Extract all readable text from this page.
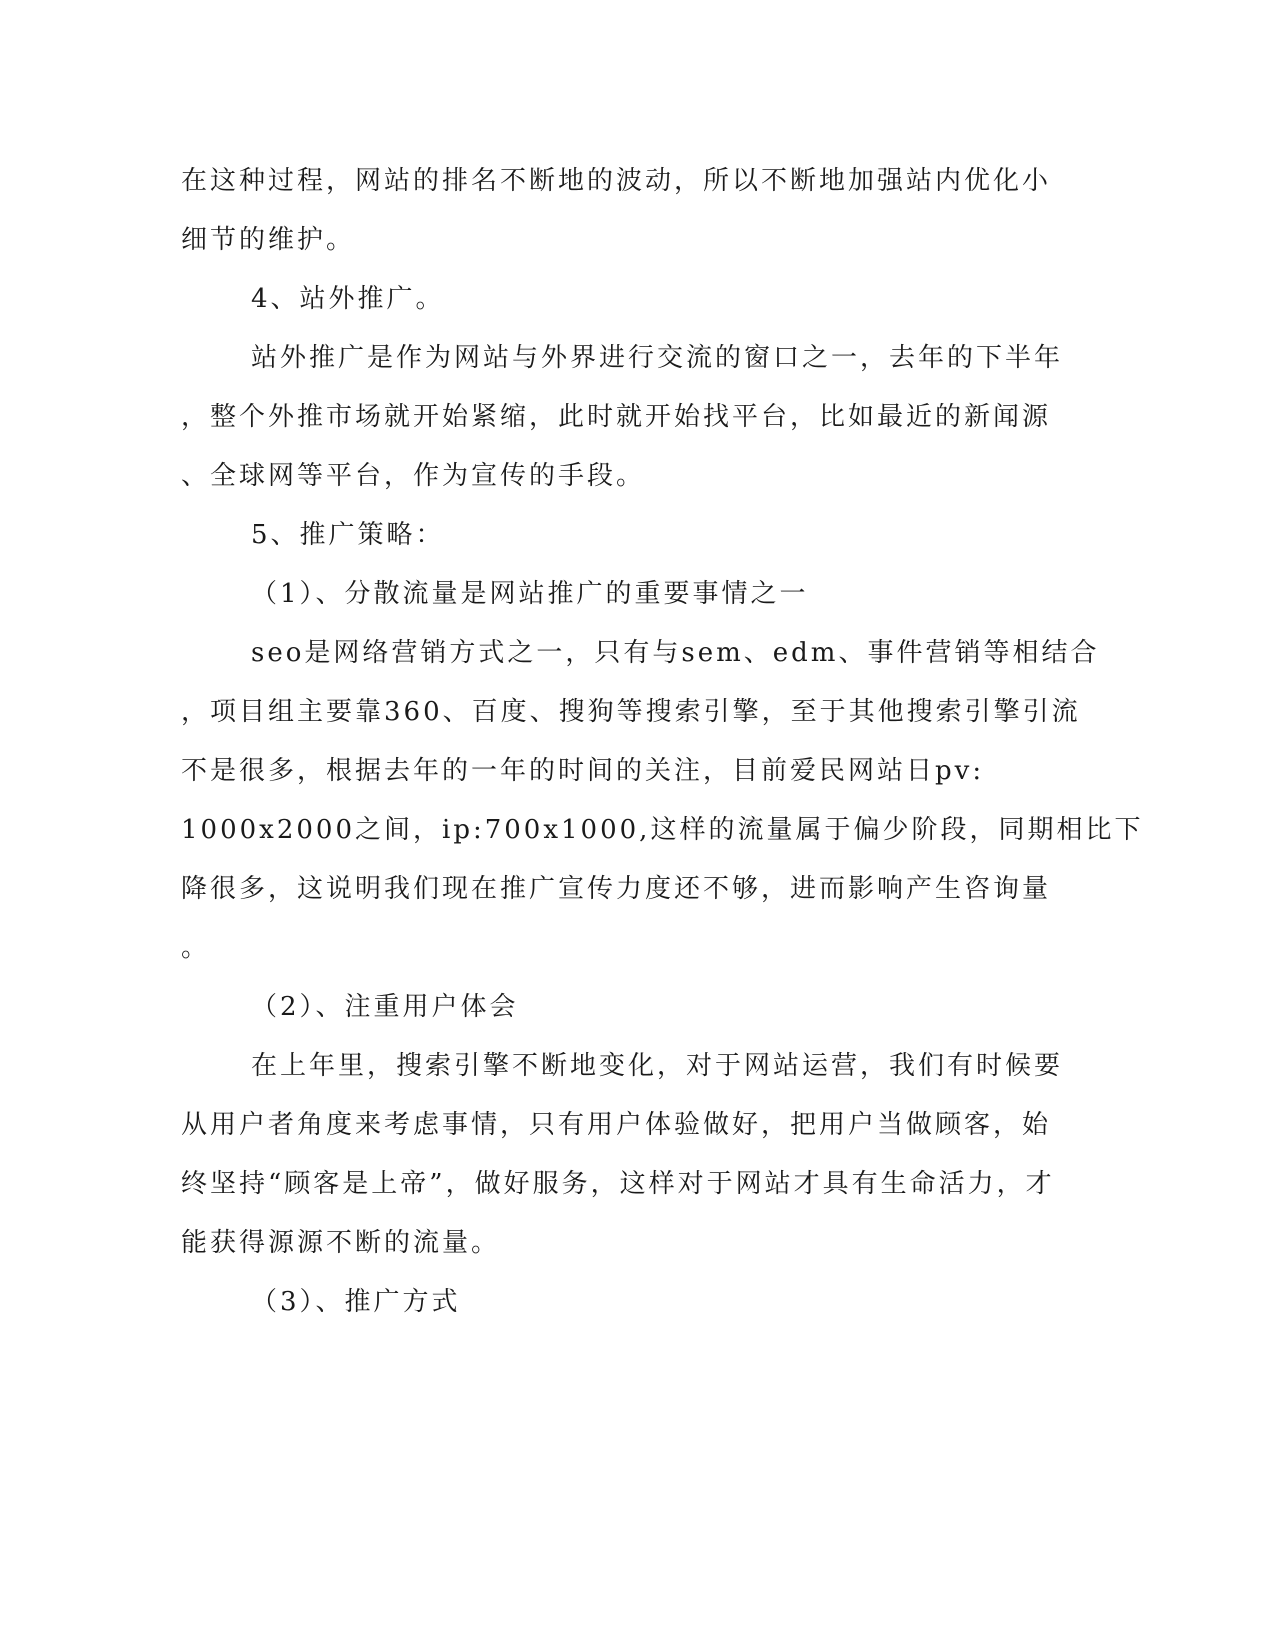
在这种过程，网站的排名不断地的波动，所以不断地加强站内优化小
细节的维护。
4、站外推广。
站外推广是作为网站与外界进行交流的窗口之一，去年的下半年
，整个外推市场就开始紧缩，此时就开始找平台，比如最近的新闻源
、全球网等平台，作为宣传的手段。
5、推广策略：
（1）、分散流量是网站推广的重要事情之一
seo是网络营销方式之一，只有与sem、edm、事件营销等相结合
，项目组主要靠360、百度、搜狗等搜索引擎，至于其他搜索引擎引流
不是很多，根据去年的一年的时间的关注，目前爱民网站日pv:
1000x2000之间，ip:700x1000,这样的流量属于偏少阶段，同期相比下
降很多，这说明我们现在推广宣传力度还不够，进而影响产生咨询量
。
（2）、注重用户体会
在上年里，搜索引擎不断地变化，对于网站运营，我们有时候要
从用户者角度来考虑事情，只有用户体验做好，把用户当做顾客，始
终坚持“顾客是上帝”，做好服务，这样对于网站才具有生命活力，才
能获得源源不断的流量。
（3）、推广方式
